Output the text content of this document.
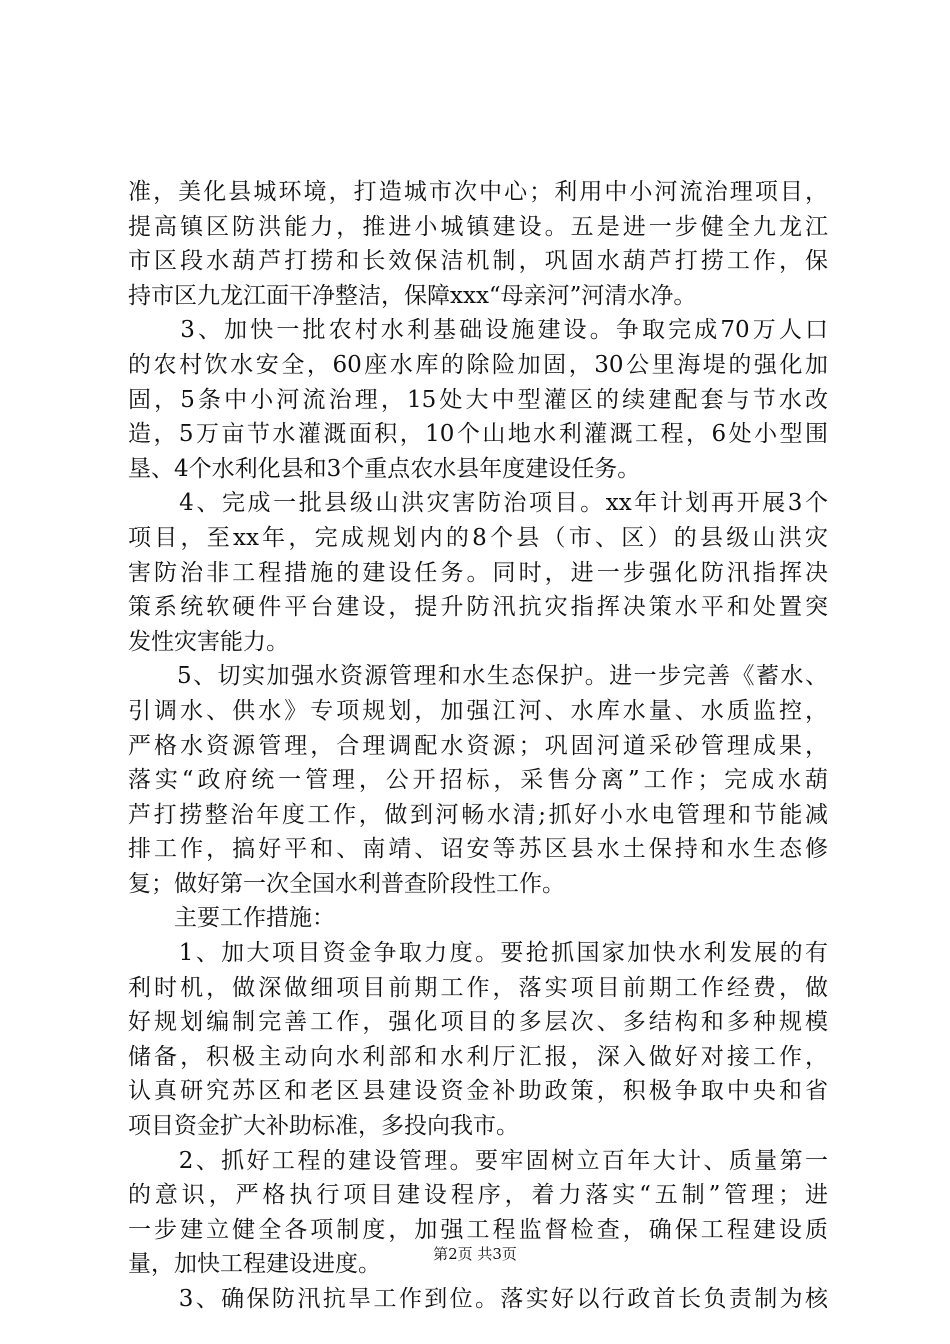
准，美化县城环境，打造城市次中心；利用中小河流治理项目，
提高镇区防洪能力，推进小城镇建设。五是进一步健全九龙江
市区段水葫芦打捞和长效保洁机制，巩固水葫芦打捞工作，保
持市区九龙江面干净整洁，保障xxx“母亲河”河清水净。
　　3、加快一批农村水利基础设施建设。争取完成70万人口
的农村饮水安全，60座水库的除险加固，30公里海堤的强化加
固，5条中小河流治理，15处大中型灌区的续建配套与节水改
造，5万亩节水灌溉面积，10个山地水利灌溉工程，6处小型围
垦、4个水利化县和3个重点农水县年度建设任务。
　　4、完成一批县级山洪灾害防治项目。xx年计划再开展3个
项目，至xx年，完成规划内的8个县（市、区）的县级山洪灾
害防治非工程措施的建设任务。同时，进一步强化防汛指挥决
策系统软硬件平台建设，提升防汛抗灾指挥决策水平和处置突
发性灾害能力。
　　5、切实加强水资源管理和水生态保护。进一步完善《蓄水、
引调水、供水》专项规划，加强江河、水库水量、水质监控，
严格水资源管理，合理调配水资源；巩固河道采砂管理成果，
落实“政府统一管理，公开招标，采售分离”工作；完成水葫
芦打捞整治年度工作，做到河畅水清;抓好小水电管理和节能减
排工作，搞好平和、南靖、诏安等苏区县水土保持和水生态修
复；做好第一次全国水利普查阶段性工作。
　　主要工作措施：
　　1、加大项目资金争取力度。要抢抓国家加快水利发展的有
利时机，做深做细项目前期工作，落实项目前期工作经费，做
好规划编制完善工作，强化项目的多层次、多结构和多种规模
储备，积极主动向水利部和水利厅汇报，深入做好对接工作，
认真研究苏区和老区县建设资金补助政策，积极争取中央和省
项目资金扩大补助标准，多投向我市。
　　2、抓好工程的建设管理。要牢固树立百年大计、质量第一
的意识，严格执行项目建设程序，着力落实“五制”管理；进
一步建立健全各项制度，加强工程监督检查，确保工程建设质
量，加快工程建设进度。
　　3、确保防汛抗旱工作到位。落实好以行政首长负责制为核
第2页 共3页
